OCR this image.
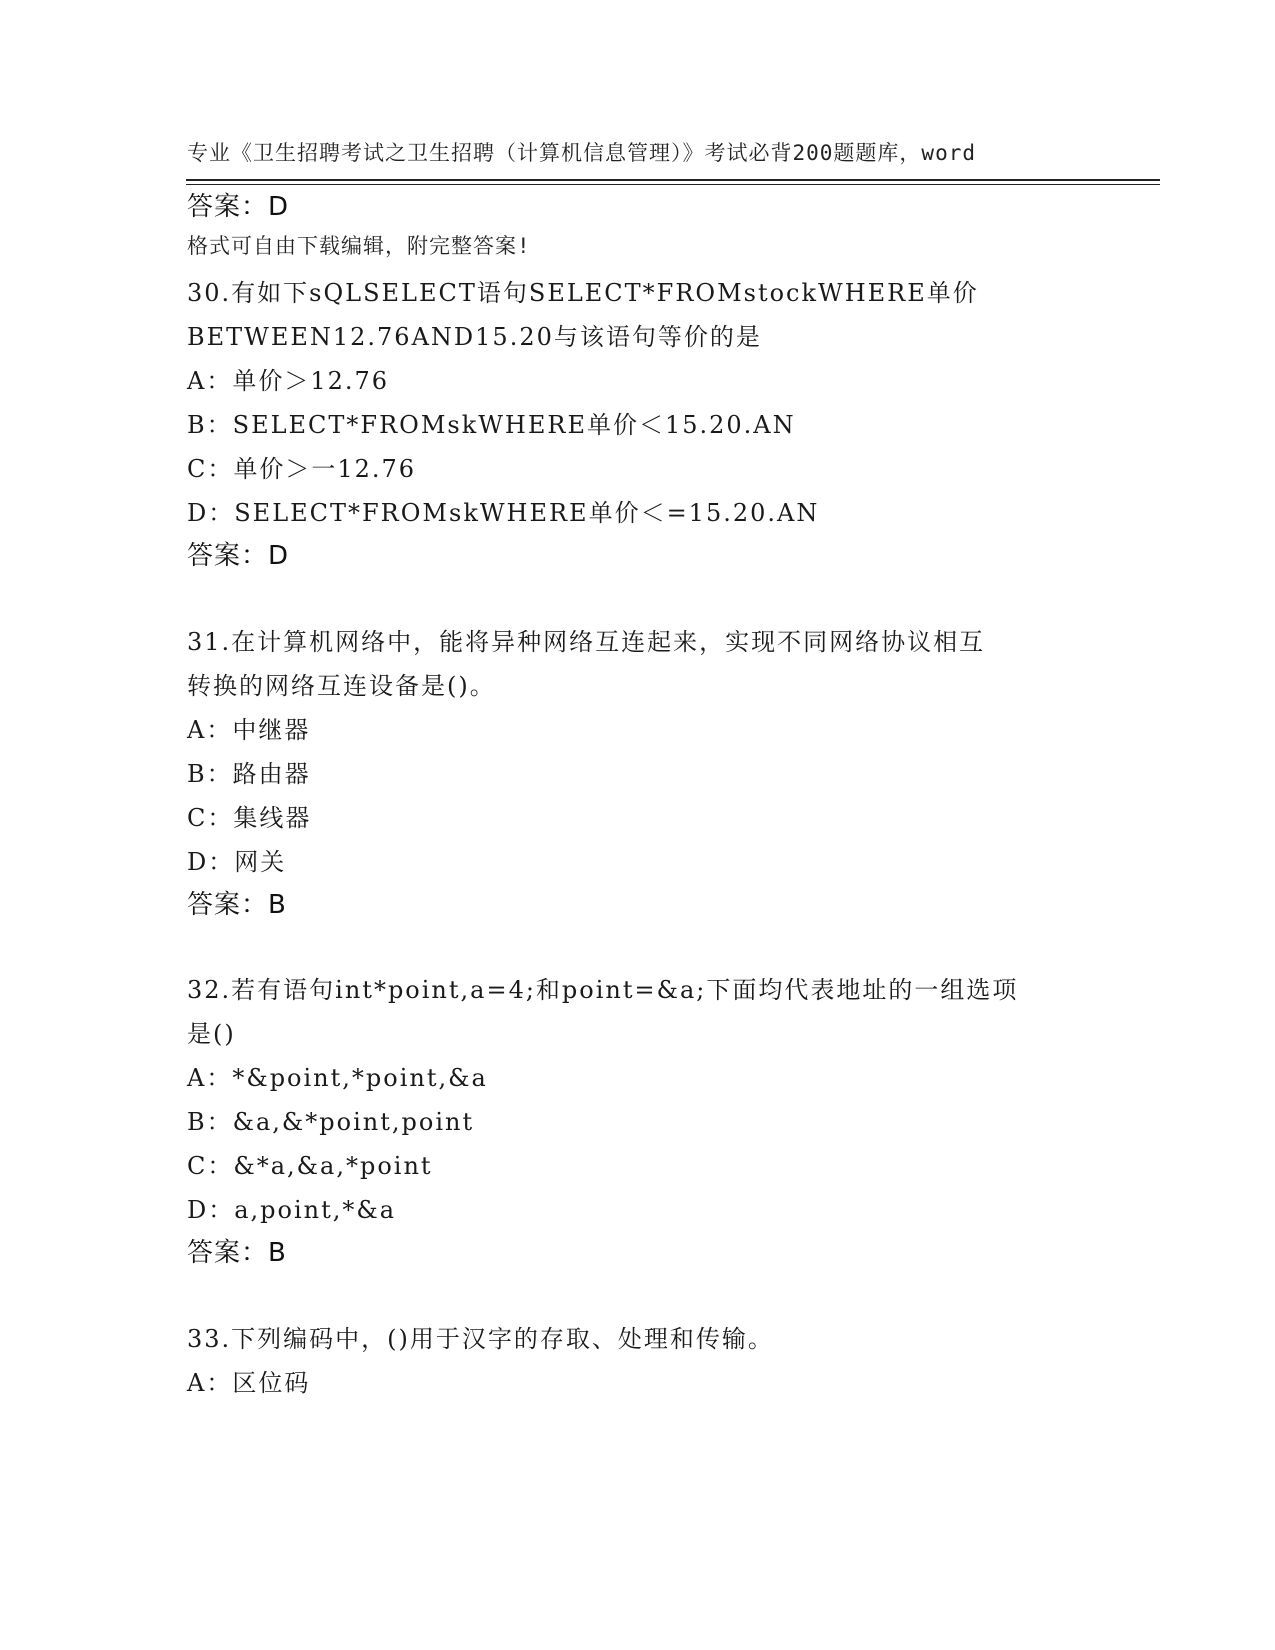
专业《卫生招聘考试之卫生招聘（计算机信息管理）》考试必背200题题库，word

格式可自由下载编辑，附完整答案!

答案：D
30.有如下sQLSELECT语句SELECT*FROMstockWHERE单价
BETWEEN12.76AND15.20与该语句等价的是
A：单价＞12.76
B：SELECT*FROMskWHERE单价＜15.20.AN
C：单价＞一12.76
D：SELECT*FROMskWHERE单价＜=15.20.AN
答案：D
31.在计算机网络中，能将异种网络互连起来，实现不同网络协议相互
转换的网络互连设备是()。
A：中继器
B：路由器
C：集线器
D：网关
答案：B
32.若有语句int*point,a=4;和point=&a;下面均代表地址的一组选项
是()
A：*&point,*point,&a
B：&a,&*point,point
C：&*a,&a,*point
D：a,point,*&a
答案：B
33.下列编码中，()用于汉字的存取、处理和传输。
A：区位码
